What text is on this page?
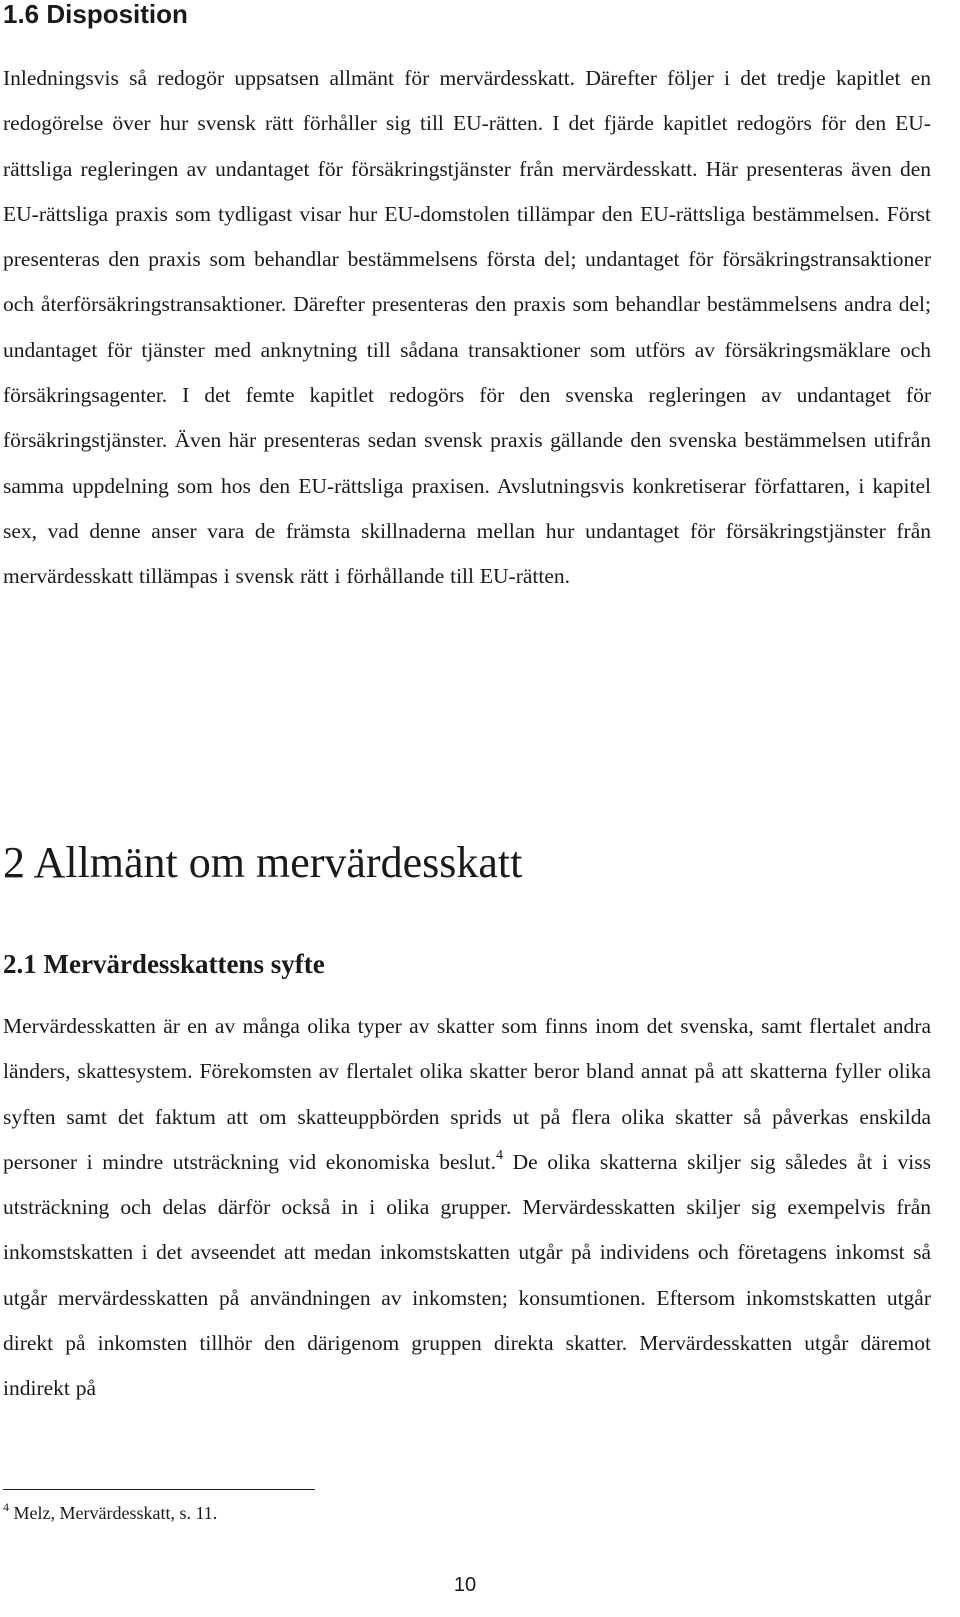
1.6 Disposition

Inledningsvis så redogör uppsatsen allmänt för mervärdesskatt. Därefter följer i det tredje kapitlet en redogörelse över hur svensk rätt förhåller sig till EU-rätten. I det fjärde kapitlet redogörs för den EU-rättsliga regleringen av undantaget för försäkringstjänster från mervärdesskatt. Här presenteras även den EU-rättsliga praxis som tydligast visar hur EU-domstolen tillämpar den EU-rättsliga bestämmelsen. Först presenteras den praxis som behandlar bestämmelsens första del; undantaget för försäkringstransaktioner och återförsäkringstransaktioner. Därefter presenteras den praxis som behandlar bestämmelsens andra del; undantaget för tjänster med anknytning till sådana transaktioner som utförs av försäkringsmäklare och försäkringsagenter. I det femte kapitlet redogörs för den svenska regleringen av undantaget för försäkringstjänster. Även här presenteras sedan svensk praxis gällande den svenska bestämmelsen utifrån samma uppdelning som hos den EU-rättsliga praxisen. Avslutningsvis konkretiserar författaren, i kapitel sex, vad denne anser vara de främsta skillnaderna mellan hur undantaget för försäkringstjänster från mervärdesskatt tillämpas i svensk rätt i förhållande till EU-rätten.

2 Allmänt om mervärdesskatt
2.1 Mervärdesskattens syfte

Mervärdesskatten är en av många olika typer av skatter som finns inom det svenska, samt flertalet andra länders, skattesystem. Förekomsten av flertalet olika skatter beror bland annat på att skatterna fyller olika syften samt det faktum att om skatteuppbörden sprids ut på flera olika skatter så påverkas enskilda personer i mindre utsträckning vid ekonomiska beslut.$^4$ De olika skatterna skiljer sig således åt i viss utsträckning och delas därför också in i olika grupper. Mervärdesskatten skiljer sig exempelvis från inkomstskatten i det avseendet att medan inkomstskatten utgår på individens och företagens inkomst så utgår mervärdesskatten på användningen av inkomsten; konsumtionen. Eftersom inkomstskatten utgår direkt på inkomsten tillhör den därigenom gruppen direkta skatter. Mervärdesskatten utgår däremot indirekt på

$^4$ Melz, Mervärdesskatt, s. 11.

10
